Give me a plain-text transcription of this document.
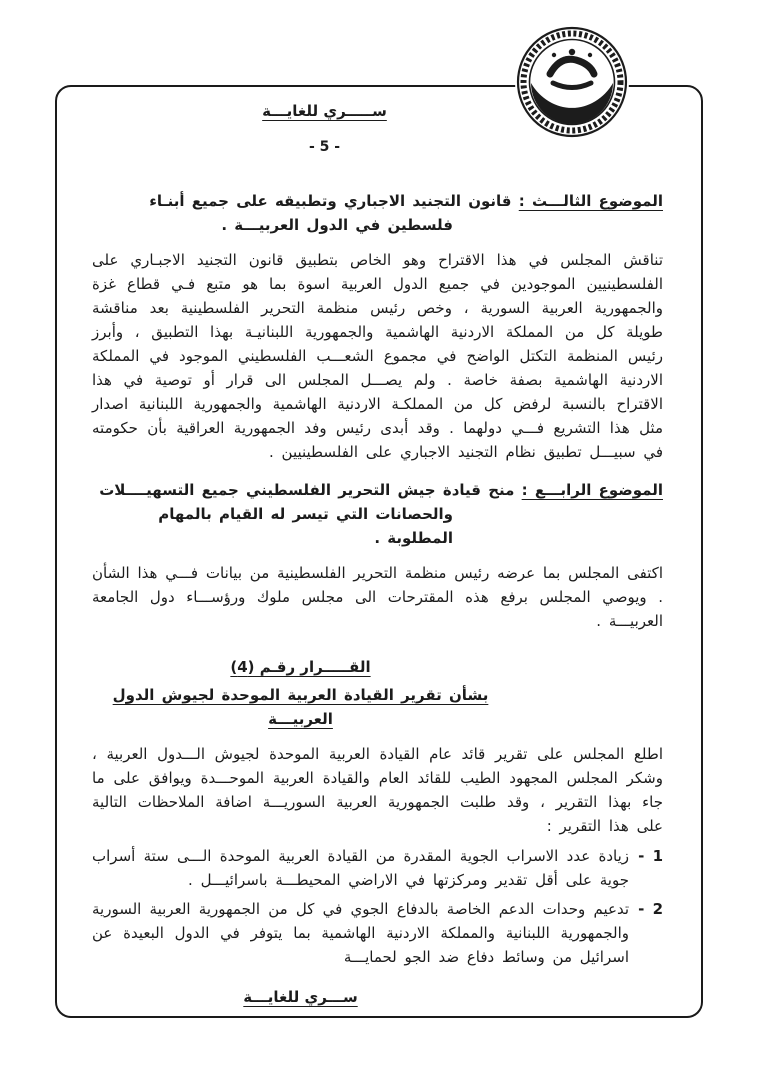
ســـــري للغايـــة
- 5 -

الموضوع الثالـــث : قانون التجنيد الاجباري وتطبيقه على جميع أبنـاء

فلسطين في الدول العربيـــة .

تناقش المجلس في هذا الاقتراح وهو الخاص بتطبيق قانون التجنيد الاجبـاري على الفلسطينيين الموجودين في جميع الدول العربية اسوة بما هو متبع فـي قطاع غزة والجمهورية العربية السورية ، وخص رئيس منظمة التحرير الفلسطينية بعد مناقشة طويلة كل من المملكة الاردنية الهاشمية والجمهورية اللبنانيـة بهذا التطبيق ، وأبرز رئيس المنظمة التكتل الواضح في مجموع الشعـــب الفلسطيني الموجود في المملكة الاردنية الهاشمية بصفة خاصة . ولم يصـــل المجلس الى قرار أو توصية في هذا الاقتراح بالنسبة لرفض كل من المملكـة الاردنية الهاشمية والجمهورية اللبنانية اصدار مثل هذا التشريع فـــي دولهما . وقد أبدى رئيس وفد الجمهورية العراقية بأن حكومته في سبيـــل تطبيق نظام التجنيد الاجباري على الفلسطينيين .

الموضوع الرابـــع : منح قيادة جيش التحرير الفلسطيني جميع التسهيــــلات

والحصانات التي تيسر له القيام بالمهام المطلوبة .

اكتفى المجلس بما عرضه رئيس منظمة التحرير الفلسطينية من بيانات فـــي هذا الشأن . ويوصي المجلس برفع هذه المقترحات الى مجلس ملوك ورؤســـاء دول الجامعة العربيـــة .

القـــــرار رقـم (4)

بشأن تقرير القيادة العربية الموحدة لجيوش الدول العربيـــة

اطلع المجلس على تقرير قائد عام القيادة العربية الموحدة لجيوش الـــدول العربية ، وشكر المجلس المجهود الطيب للقائد العام والقيادة العربية الموحـــدة ويوافق على ما جاء بهذا التقرير ، وقد طلبت الجمهورية العربية السوريـــة اضافة الملاحظات التالية على هذا التقرير :

1 -
زيادة عدد الاسراب الجوية المقدرة من القيادة العربية الموحدة الـــى ستة أسراب جوية على أقل تقدير ومركزتها في الاراضي المحيطـــة باسرائيـــل .
2 -
تدعيم وحدات الدعم الخاصة بالدفاع الجوي في كل من الجمهورية العربية السورية والجمهورية اللبنانية والمملكة الاردنية الهاشمية بما يتوفر في الدول البعيدة عن اسرائيل من وسائط دفاع ضد الجو لحمايـــة
ســـري للغايـــة
